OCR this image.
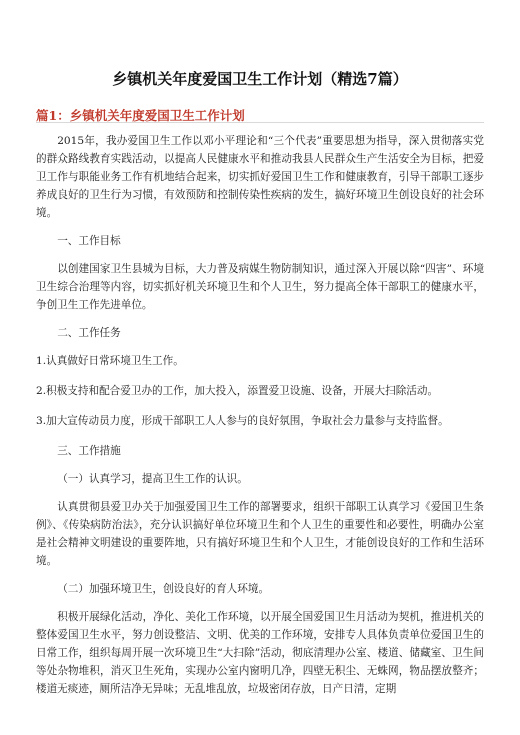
乡镇机关年度爱国卫生工作计划（精选7篇）
篇1：乡镇机关年度爱国卫生工作计划

2015年，我办爱国卫生工作以邓小平理论和“三个代表”重要思想为指导，深入贯彻落实党的群众路线教育实践活动，以提高人民健康水平和推动我县人民群众生产生活安全为目标，把爱卫工作与职能业务工作有机地结合起来，切实抓好爱国卫生工作和健康教育，引导干部职工逐步养成良好的卫生行为习惯，有效预防和控制传染性疾病的发生，搞好环境卫生创设良好的社会环境。

一、工作目标

以创建国家卫生县城为目标，大力普及病媒生物防制知识，通过深入开展以除“四害”、环境卫生综合治理等内容，切实抓好机关环境卫生和个人卫生，努力提高全体干部职工的健康水平，争创卫生工作先进单位。

二、工作任务

1.认真做好日常环境卫生工作。

2.积极支持和配合爱卫办的工作，加大投入，添置爱卫设施、设备，开展大扫除活动。

3.加大宣传动员力度，形成干部职工人人参与的良好氛围，争取社会力量参与支持监督。

三、工作措施

（一）认真学习，提高卫生工作的认识。

认真贯彻县爱卫办关于加强爱国卫生工作的部署要求，组织干部职工认真学习《爱国卫生条例》、《传染病防治法》，充分认识搞好单位环境卫生和个人卫生的重要性和必要性，明确办公室是社会精神文明建设的重要阵地，只有搞好环境卫生和个人卫生，才能创设良好的工作和生活环境。

（二）加强环境卫生，创设良好的育人环境。

积极开展绿化活动，净化、美化工作环境，以开展全国爱国卫生月活动为契机，推进机关的整体爱国卫生水平，努力创设整洁、文明、优美的工作环境，安排专人具体负责单位爱国卫生的日常工作，组织每周开展一次环境卫生“大扫除”活动，彻底清理办公室、楼道、储藏室、卫生间等处杂物堆积，消灭卫生死角，实现办公室内窗明几净，四壁无积尘、无蛛网，物品摆放整齐；楼道无痰迹，厕所洁净无异味；无乱堆乱放，垃圾密闭存放，日产日清，定期
